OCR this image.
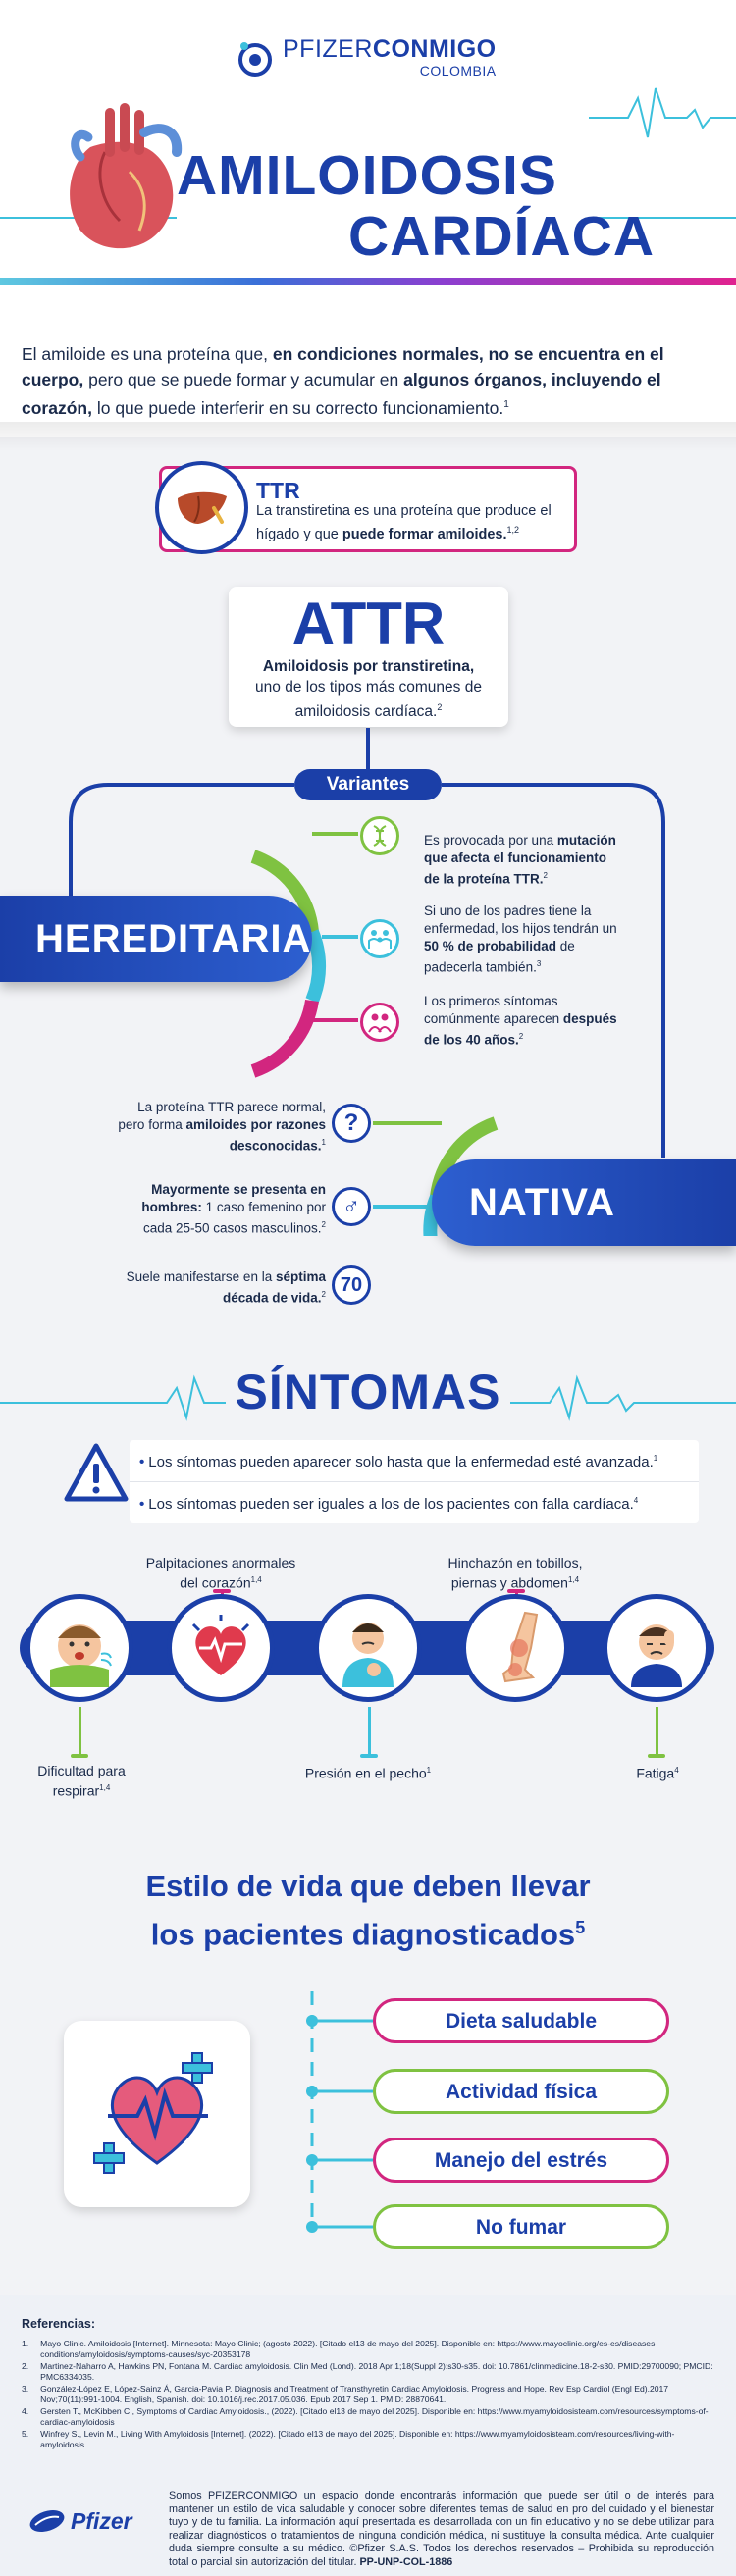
PFIZERCONMIGO
COLOMBIA
AMILOIDOSIS
CARDÍACA
El amiloide es una proteína que, en condiciones normales, no se encuentra en el cuerpo, pero que se puede formar y acumular en algunos órganos, incluyendo el corazón, lo que puede interferir en su correcto funcionamiento.$^1$
TTR
La transtiretina es una proteína que produce el hígado y que puede formar amiloides.$^{1,2}$
ATTR
Amiloidosis por transtiretina,
uno de los tipos más comunes de amiloidosis cardíaca.$^2$
Variantes
HEREDITARIA
Es provocada por una mutación que afecta el funcionamiento de la proteína TTR.$^2$
Si uno de los padres tiene la enfermedad, los hijos tendrán un 50 % de probabilidad de padecerla también.$^3$
Los primeros síntomas comúnmente aparecen después de los 40 años.$^2$
NATIVA
?
♂
70
La proteína TTR parece normal, pero forma amiloides por razones desconocidas.$^1$
Mayormente se presenta en hombres: 1 caso femenino por cada 25-50 casos masculinos.$^2$
Suele manifestarse en la séptima década de vida.$^2$
SÍNTOMAS
• Los síntomas pueden aparecer solo hasta que la enfermedad esté avanzada.$^1$
• Los síntomas pueden ser iguales a los de los pacientes con falla cardíaca.$^4$
Dificultad para respirar$^{1,4}$
Palpitaciones anormales del corazón$^{1,4}$
Presión en el pecho$^1$
Hinchazón en tobillos, piernas y abdomen$^{1,4}$
Fatiga$^4$
Estilo de vida que deben llevar
los pacientes diagnosticados$^5$
Dieta saludable
Actividad física
Manejo del estrés
No fumar
Referencias:
1. Mayo Clinic. Amiloidosis [Internet]. Minnesota: Mayo Clinic; (agosto 2022). [Citado el13 de mayo del 2025]. Disponible en: https://www.mayoclinic.org/es-es/diseases conditions/amyloidosis/symptoms-causes/syc-20353178
2. Martinez-Naharro A, Hawkins PN, Fontana M. Cardiac amyloidosis. Clin Med (Lond). 2018 Apr 1;18(Suppl 2):s30-s35. doi: 10.7861/clinmedicine.18-2-s30. PMID:29700090; PMCID: PMC6334035.
3. González-López E, López-Sainz Á, Garcia-Pavia P. Diagnosis and Treatment of Transthyretin Cardiac Amyloidosis. Progress and Hope. Rev Esp Cardiol (Engl Ed).2017 Nov;70(11):991-1004. English, Spanish. doi: 10.1016/j.rec.2017.05.036. Epub 2017 Sep 1. PMID: 28870641.
4. Gersten T., McKibben C., Symptoms of Cardiac Amyloidosis., (2022). [Citado el13 de mayo del 2025]. Disponible en: https://www.myamyloidosisteam.com/resources/symptoms-of-cardiac-amyloidosis
5. Winfrey S., Levin M., Living With Amyloidosis [Internet]. (2022). [Citado el13 de mayo del 2025]. Disponible en: https://www.myamyloidosisteam.com/resources/living-with-amyloidosis
Pfizer
Somos PFIZERCONMIGO un espacio donde encontrarás información que puede ser útil o de interés para mantener un estilo de vida saludable y conocer sobre diferentes temas de salud en pro del cuidado y el bienestar tuyo y de tu familia. La información aquí presentada es desarrollada con un fin educativo y no se debe utilizar para realizar diagnósticos o tratamientos de ninguna condición médica, ni sustituye la consulta médica. Ante cualquier duda siempre consulte a su médico. ©Pfizer S.A.S. Todos los derechos reservados – Prohibida su reproducción total o parcial sin autorización del titular. PP-UNP-COL-1886
